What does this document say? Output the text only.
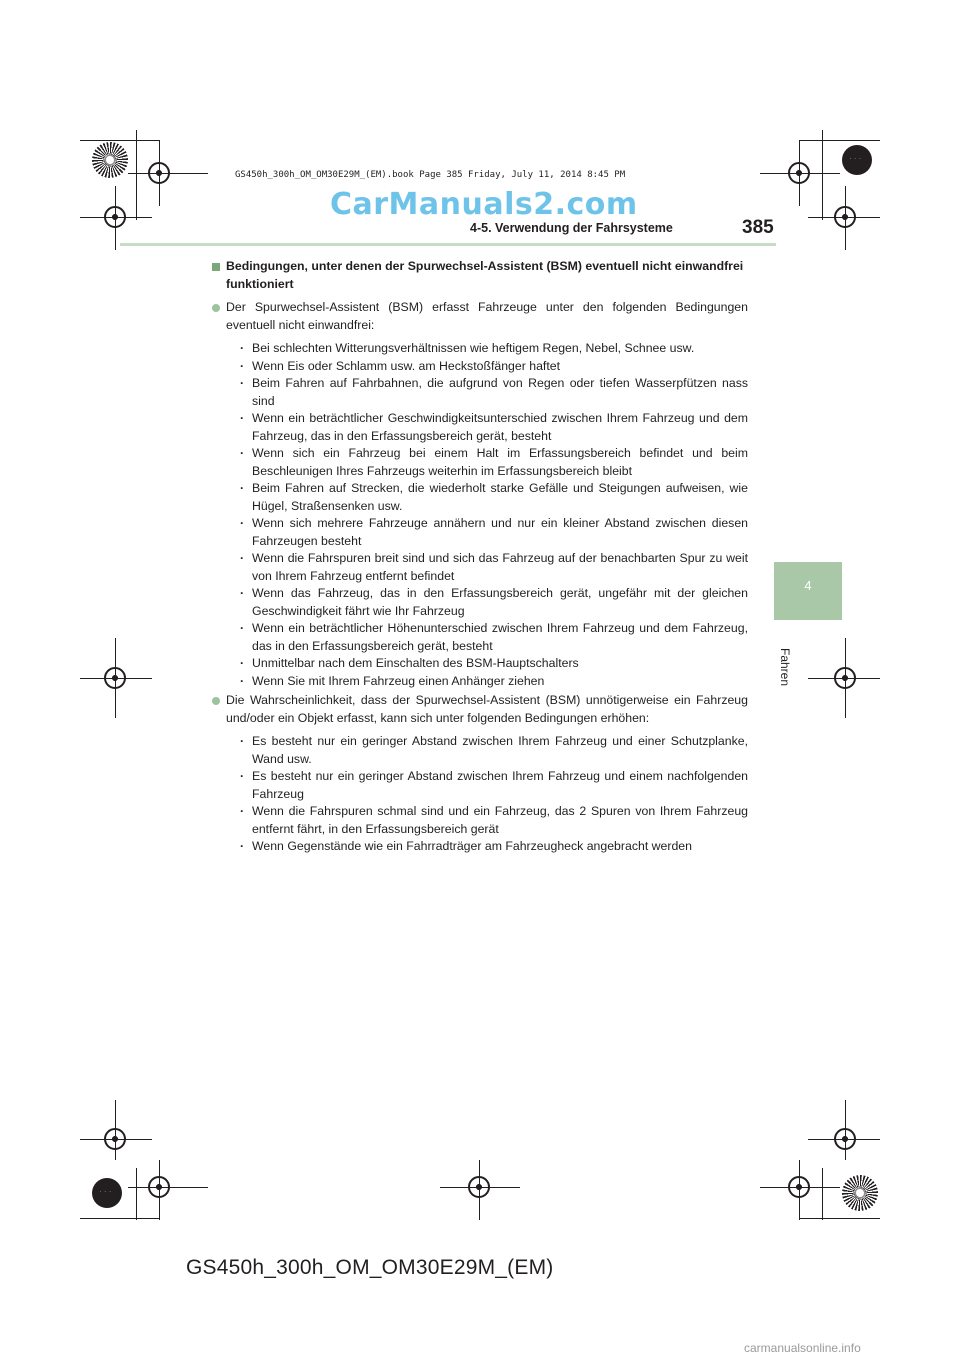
· · ·
· · ·
GS450h_300h_OM_OM30E29M_(EM).book Page 385 Friday, July 11, 2014 8:45 PM
CarManuals2.com
4-5. Verwendung der Fahrsysteme	385
4
Fahren
Bedingungen, unter denen der Spurwechsel-Assistent (BSM) eventuell nicht einwandfrei funktioniert

Der Spurwechsel-Assistent (BSM) erfasst Fahrzeuge unter den folgenden Bedingungen eventuell nicht einwandfrei:

· Bei schlechten Witterungsverhältnissen wie heftigem Regen, Nebel, Schnee usw.
· Wenn Eis oder Schlamm usw. am Heckstoßfänger haftet
· Beim Fahren auf Fahrbahnen, die aufgrund von Regen oder tiefen Wasserpfützen nass sind
· Wenn ein beträchtlicher Geschwindigkeitsunterschied zwischen Ihrem Fahrzeug und dem Fahrzeug, das in den Erfassungsbereich gerät, besteht
· Wenn sich ein Fahrzeug bei einem Halt im Erfassungsbereich befindet und beim Beschleunigen Ihres Fahrzeugs weiterhin im Erfassungsbereich bleibt
· Beim Fahren auf Strecken, die wiederholt starke Gefälle und Steigungen aufweisen, wie Hügel, Straßensenken usw.
· Wenn sich mehrere Fahrzeuge annähern und nur ein kleiner Abstand zwischen diesen Fahrzeugen besteht
· Wenn die Fahrspuren breit sind und sich das Fahrzeug auf der benachbarten Spur zu weit von Ihrem Fahrzeug entfernt befindet
· Wenn das Fahrzeug, das in den Erfassungsbereich gerät, ungefähr mit der gleichen Geschwindigkeit fährt wie Ihr Fahrzeug
· Wenn ein beträchtlicher Höhenunterschied zwischen Ihrem Fahrzeug und dem Fahrzeug, das in den Erfassungsbereich gerät, besteht
· Unmittelbar nach dem Einschalten des BSM-Hauptschalters
· Wenn Sie mit Ihrem Fahrzeug einen Anhänger ziehen

Die Wahrscheinlichkeit, dass der Spurwechsel-Assistent (BSM) unnötigerweise ein Fahrzeug und/oder ein Objekt erfasst, kann sich unter folgenden Bedingungen erhöhen:

· Es besteht nur ein geringer Abstand zwischen Ihrem Fahrzeug und einer Schutzplanke, Wand usw.
· Es besteht nur ein geringer Abstand zwischen Ihrem Fahrzeug und einem nachfolgenden Fahrzeug
· Wenn die Fahrspuren schmal sind und ein Fahrzeug, das 2 Spuren von Ihrem Fahrzeug entfernt fährt, in den Erfassungsbereich gerät
· Wenn Gegenstände wie ein Fahrradträger am Fahrzeugheck angebracht werden
GS450h_300h_OM_OM30E29M_(EM)
carmanualsonline.info
